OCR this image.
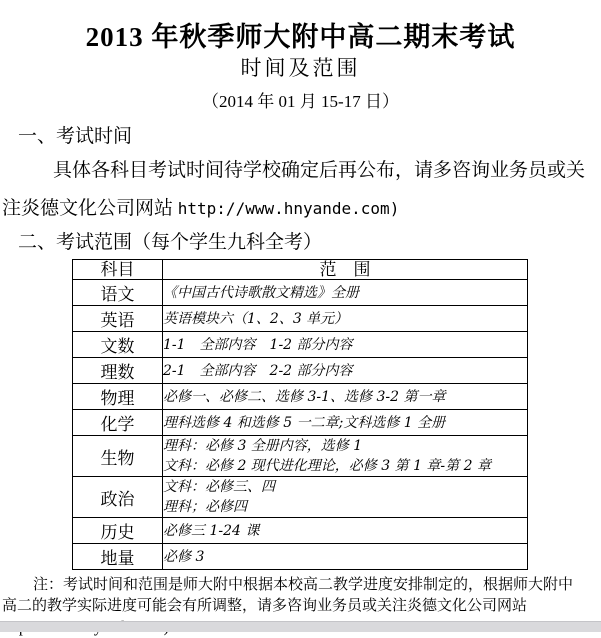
2013 年秋季师大附中高二期末考试
时间及范围
（2014 年 01 月 15-17 日）
一、考试时间
具体各科目考试时间待学校确定后再公布，请多咨询业务员或关
注炎德文化公司网站 http://www.hnyande.com)
二、考试范围（每个学生九科全考）
科目	范　围
语文	《中国古代诗歌散文精选》全册

英语	英语模块六（1、2、3 单元）

文数	1-1　全部内容　1-2 部分内容

理数	2-1　全部内容　2-2 部分内容

物理	必修一、必修二、选修 3-1、选修 3-2 第一章

化学	理科选修 4 和选修 5 一二章;文科选修 1 全册

生物	理科：必修 3 全册内容，选修 1
文科：必修 2 现代进化理论，必修 3 第 1 章-第 2 章

政治	文科：必修三、四
理科；必修四

历史	必修三 1-24 课

地量	必修 3
注：考试时间和范围是师大附中根据本校高二教学进度安排制定的，根据师大附中
高二的教学实际进度可能会有所调整，请多咨询业务员或关注炎德文化公司网站
